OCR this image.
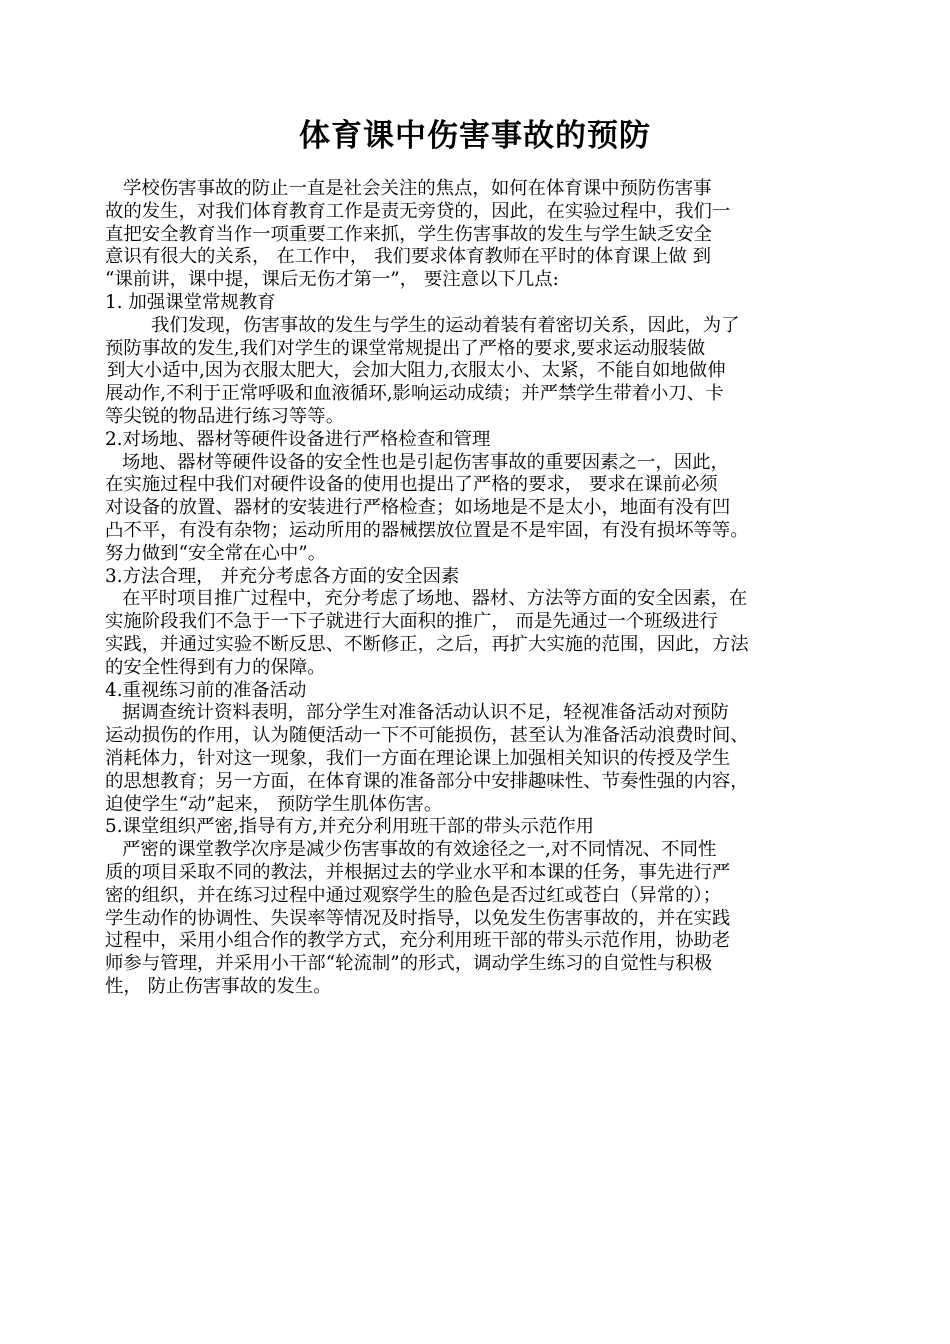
体育课中伤害事故的预防
学校伤害事故的防止一直是社会关注的焦点，如何在体育课中预防伤害事
故的发生，对我们体育教育工作是责无旁贷的，因此，在实验过程中，我们一
直把安全教育当作一项重要工作来抓，学生伤害事故的发生与学生缺乏安全
意识有很大的关系， 在工作中， 我们要求体育教师在平时的体育课上做 到
“课前讲，课中提，课后无伤才第一”， 要注意以下几点:
1. 加强课堂常规教育
我们发现，伤害事故的发生与学生的运动着装有着密切关系，因此，为了
预防事故的发生,我们对学生的课堂常规提出了严格的要求,要求运动服装做
到大小适中,因为衣服太肥大，会加大阻力,衣服太小、太紧，不能自如地做伸
展动作,不利于正常呼吸和血液循环,影响运动成绩；并严禁学生带着小刀、卡
等尖锐的物品进行练习等等。
2.对场地、器材等硬件设备进行严格检查和管理
场地、器材等硬件设备的安全性也是引起伤害事故的重要因素之一，因此，
在实施过程中我们对硬件设备的使用也提出了严格的要求， 要求在课前必须
对设备的放置、器材的安装进行严格检查；如场地是不是太小，地面有没有凹
凸不平，有没有杂物；运动所用的器械摆放位置是不是牢固，有没有损坏等等。
努力做到“安全常在心中”。
3.方法合理， 并充分考虑各方面的安全因素
在平时项目推广过程中，充分考虑了场地、器材、方法等方面的安全因素，在
实施阶段我们不急于一下子就进行大面积的推广， 而是先通过一个班级进行
实践，并通过实验不断反思、不断修正，之后，再扩大实施的范围，因此，方法
的安全性得到有力的保障。
4.重视练习前的准备活动
据调查统计资料表明，部分学生对准备活动认识不足，轻视准备活动对预防
运动损伤的作用，认为随便活动一下不可能损伤，甚至认为准备活动浪费时间、
消耗体力，针对这一现象，我们一方面在理论课上加强相关知识的传授及学生
的思想教育；另一方面，在体育课的准备部分中安排趣味性、节奏性强的内容，
迫使学生“动”起来， 预防学生肌体伤害。
5.课堂组织严密,指导有方,并充分利用班干部的带头示范作用
严密的课堂教学次序是减少伤害事故的有效途径之一,对不同情况、不同性
质的项目采取不同的教法，并根据过去的学业水平和本课的任务，事先进行严
密的组织，并在练习过程中通过观察学生的脸色是否过红或苍白（异常的）；
学生动作的协调性、失误率等情况及时指导，以免发生伤害事故的，并在实践
过程中，采用小组合作的教学方式，充分利用班干部的带头示范作用，协助老
师参与管理，并采用小干部“轮流制”的形式，调动学生练习的自觉性与积极
性， 防止伤害事故的发生。
